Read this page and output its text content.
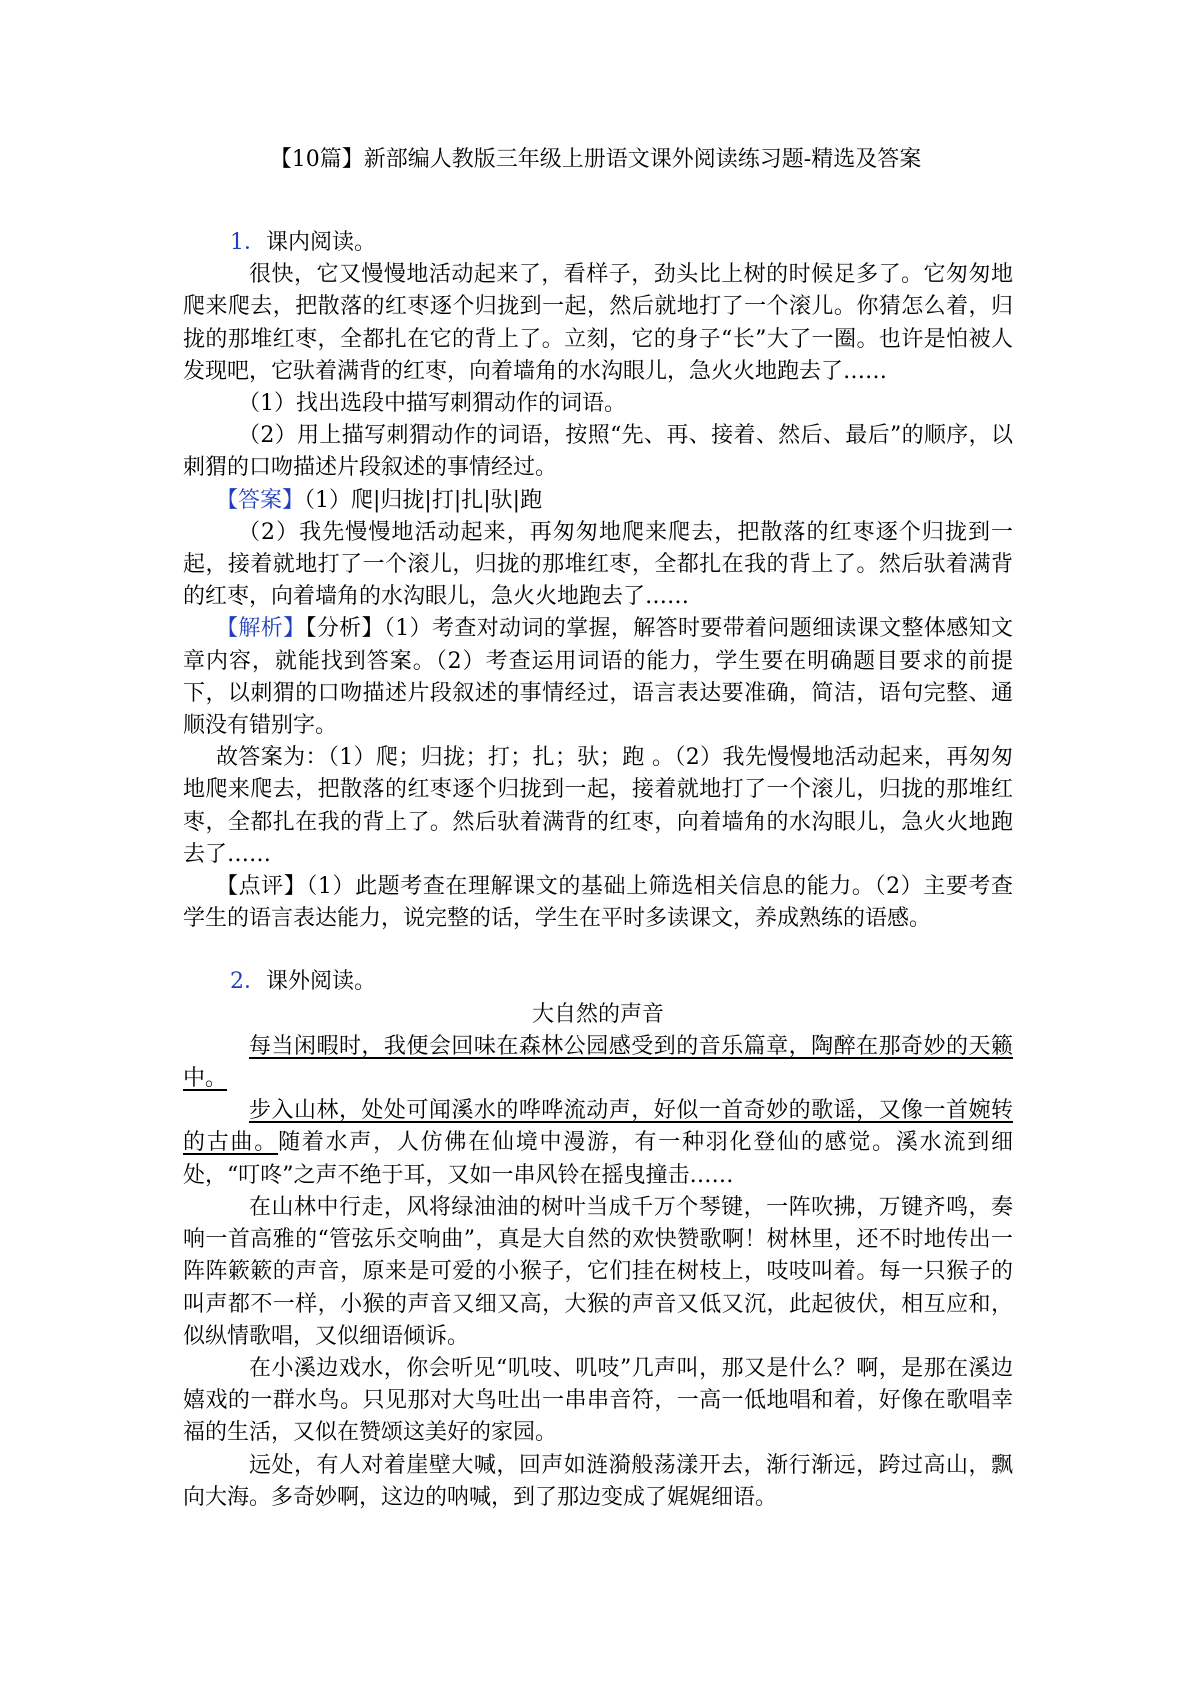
【10篇】新部编人教版三年级上册语文课外阅读练习题-精选及答案

1．课内阅读。

很快，它又慢慢地活动起来了，看样子，劲头比上树的时候足多了。它匆匆地爬来爬去，把散落的红枣逐个归拢到一起，然后就地打了一个滚儿。你猜怎么着，归拢的那堆红枣，全都扎在它的背上了。立刻，它的身子“长”大了一圈。也许是怕被人发现吧，它驮着满背的红枣，向着墙角的水沟眼儿，急火火地跑去了……

（1）找出选段中描写刺猬动作的词语。

（2）用上描写刺猬动作的词语，按照“先、再、接着、然后、最后”的顺序，以刺猬的口吻描述片段叙述的事情经过。

【答案】（1）爬|归拢|打|扎|驮|跑

（2）我先慢慢地活动起来，再匆匆地爬来爬去，把散落的红枣逐个归拢到一起，接着就地打了一个滚儿，归拢的那堆红枣，全都扎在我的背上了。然后驮着满背的红枣，向着墙角的水沟眼儿，急火火地跑去了……

【解析】【分析】（1）考查对动词的掌握，解答时要带着问题细读课文整体感知文章内容，就能找到答案。（2）考查运用词语的能力，学生要在明确题目要求的前提下，以刺猬的口吻描述片段叙述的事情经过，语言表达要准确，简洁，语句完整、通顺没有错别字。

故答案为：（1）爬；归拢；打；扎；驮；跑 。（2）我先慢慢地活动起来，再匆匆地爬来爬去，把散落的红枣逐个归拢到一起，接着就地打了一个滚儿，归拢的那堆红枣，全都扎在我的背上了。然后驮着满背的红枣，向着墙角的水沟眼儿，急火火地跑去了……

【点评】（1）此题考查在理解课文的基础上筛选相关信息的能力。（2）主要考查学生的语言表达能力，说完整的话，学生在平时多读课文，养成熟练的语感。

2．课外阅读。

大自然的声音

每当闲暇时，我便会回味在森林公园感受到的音乐篇章，陶醉在那奇妙的天籁中。

步入山林，处处可闻溪水的哗哗流动声，好似一首奇妙的歌谣，又像一首婉转的古曲。随着水声，人仿佛在仙境中漫游，有一种羽化登仙的感觉。溪水流到细处，“叮咚”之声不绝于耳，又如一串风铃在摇曳撞击……

在山林中行走，风将绿油油的树叶当成千万个琴键，一阵吹拂，万键齐鸣，奏响一首高雅的“管弦乐交响曲”，真是大自然的欢快赞歌啊！树林里，还不时地传出一阵阵簌簌的声音，原来是可爱的小猴子，它们挂在树枝上，吱吱叫着。每一只猴子的叫声都不一样，小猴的声音又细又高，大猴的声音又低又沉，此起彼伏，相互应和，似纵情歌唱，又似细语倾诉。

在小溪边戏水，你会听见“叽吱、叽吱”几声叫，那又是什么？啊，是那在溪边嬉戏的一群水鸟。只见那对大鸟吐出一串串音符，一高一低地唱和着，好像在歌唱幸福的生活，又似在赞颂这美好的家园。

远处，有人对着崖壁大喊，回声如涟漪般荡漾开去，渐行渐远，跨过高山，飘向大海。多奇妙啊，这边的呐喊，到了那边变成了娓娓细语。
